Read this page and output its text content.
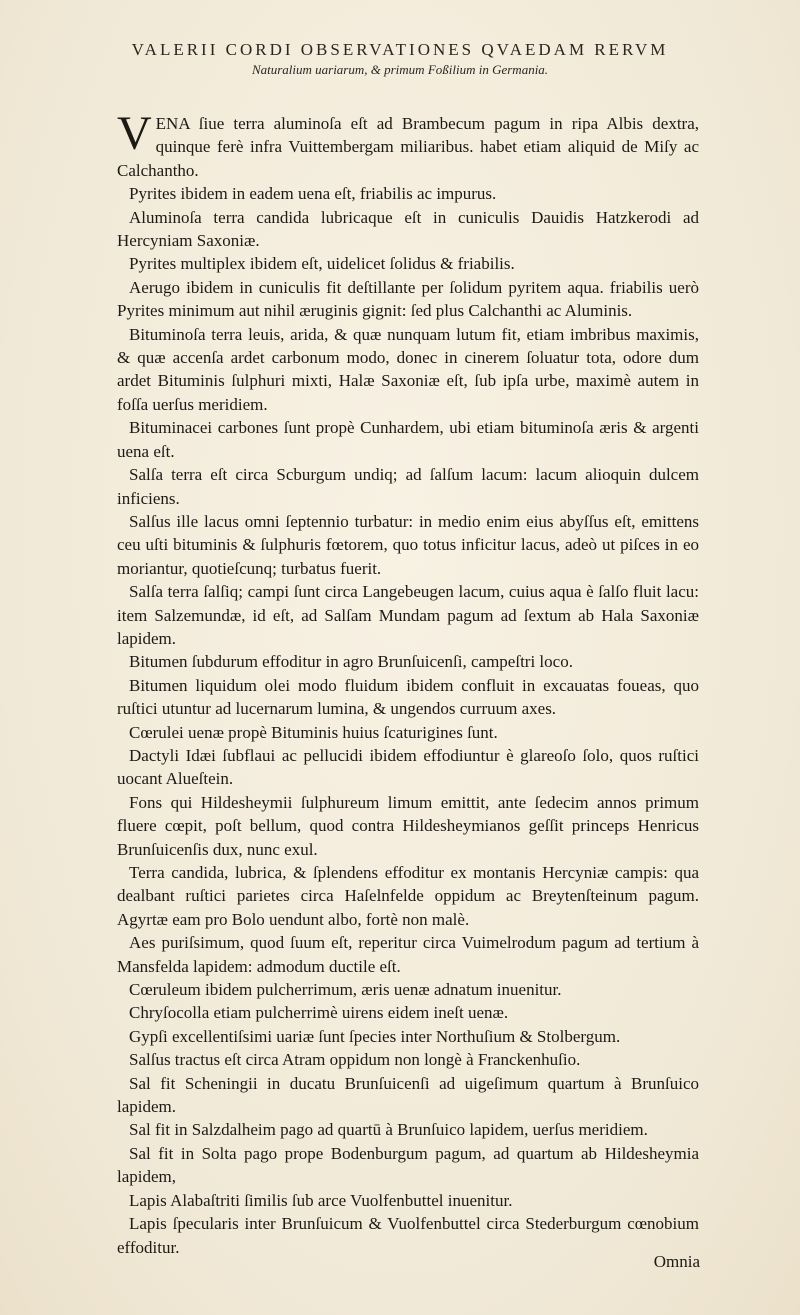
VALERII CORDI OBSERVATIONES QVAEDAM RERVM
Naturalium uariarum, & primum Foßilium in Germania.

VENA ſiue terra aluminoſa eſt ad Brambecum pagum in ripa Albis dextra, quinque ferè infra Vuittembergam miliaribus. habet etiam aliquid de Miſy ac Calchantho.

Pyrites ibidem in eadem uena eſt, friabilis ac impurus.

Aluminoſa terra candida lubricaque eſt in cuniculis Dauidis Hatzkerodi ad Hercyniam Saxoniæ.

Pyrites multiplex ibidem eſt, uidelicet ſolidus & friabilis.

Aerugo ibidem in cuniculis fit deſtillante per ſolidum pyritem aqua. friabilis uerò Pyrites minimum aut nihil æruginis gignit: ſed plus Calchanthi ac Aluminis.

Bituminoſa terra leuis, arida, & quæ nunquam lutum fit, etiam imbribus maximis, & quæ accenſa ardet carbonum modo, donec in cinerem ſoluatur tota, odore dum ardet Bituminis ſulphuri mixti, Halæ Saxoniæ eſt, ſub ipſa urbe, maximè autem in foſſa uerſus meridiem.

Bituminacei carbones ſunt propè Cunhardem, ubi etiam bituminoſa æris & argenti uena eſt.

Salſa terra eſt circa Scburgum undiq; ad ſalſum lacum: lacum alioquin dulcem inficiens.

Salſus ille lacus omni ſeptennio turbatur: in medio enim eius abyſſus eſt, emittens ceu uſti bituminis & ſulphuris fœtorem, quo totus inficitur lacus, adeò ut piſces in eo moriantur, quotieſcunq; turbatus fuerit.

Salſa terra ſalſiq; campi ſunt circa Langebeugen lacum, cuius aqua è ſalſo fluit lacu: item Salzemundæ, id eſt, ad Salſam Mundam pagum ad ſextum ab Hala Saxoniæ lapidem.

Bitumen ſubdurum effoditur in agro Brunſuicenſi, campeſtri loco.

Bitumen liquidum olei modo fluidum ibidem confluit in excauatas foueas, quo ruſtici utuntur ad lucernarum lumina, & ungendos curruum axes.

Cœrulei uenæ propè Bituminis huius ſcaturigines ſunt.

Dactyli Idæi ſubflaui ac pellucidi ibidem effodiuntur è glareoſo ſolo, quos ruſtici uocant Alueſtein.

Fons qui Hildesheymii ſulphureum limum emittit, ante ſedecim annos primum fluere cœpit, poſt bellum, quod contra Hildesheymianos geſſit princeps Henricus Brunſuicenſis dux, nunc exul.

Terra candida, lubrica, & ſplendens effoditur ex montanis Hercyniæ campis: qua dealbant ruſtici parietes circa Haſelnfelde oppidum ac Breytenſteinum pagum. Agyrtæ eam pro Bolo uendunt albo, fortè non malè.

Aes puriſsimum, quod ſuum eſt, reperitur circa Vuimelrodum pagum ad tertium à Mansfelda lapidem: admodum ductile eſt.

Cœruleum ibidem pulcherrimum, æris uenæ adnatum inuenitur.

Chryſocolla etiam pulcherrimè uirens eidem ineſt uenæ.

Gypſi excellentiſsimi uariæ ſunt ſpecies inter Northuſium & Stolbergum.

Salſus tractus eſt circa Atram oppidum non longè à Franckenhuſio.

Sal fit Scheningii in ducatu Brunſuicenſi ad uigeſimum quartum à Brunſuico lapidem.

Sal fit in Salzdalheim pago ad quartū à Brunſuico lapidem, uerſus meridiem.

Sal fit in Solta pago prope Bodenburgum pagum, ad quartum ab Hildesheymia lapidem,

Lapis Alabaſtriti ſimilis ſub arce Vuolfenbuttel inuenitur.

Lapis ſpecularis inter Brunſuicum & Vuolfenbuttel circa Stederburgum cœnobium effoditur.

Omnia
